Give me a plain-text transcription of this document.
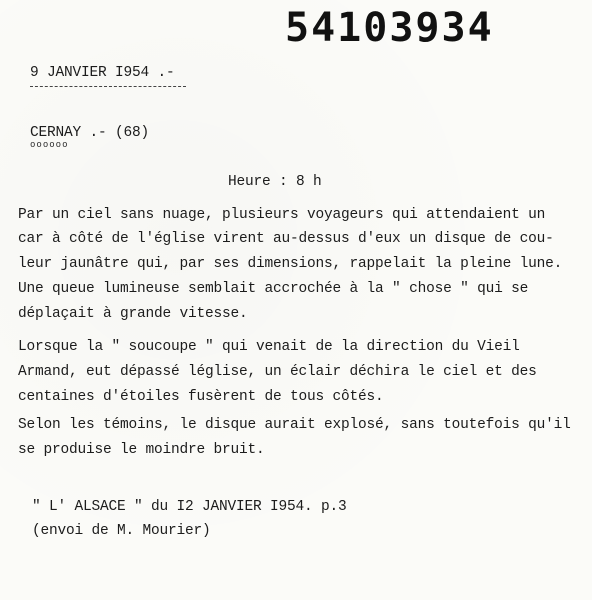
54103934
9 JANVIER I954 .-
CERNAY .- (68)
oooooo
Heure : 8 h
Par un ciel sans nuage, plusieurs voyageurs qui attendaient un
car à côté de l'église virent au-dessus d'eux un disque de cou-
leur jaunâtre qui, par ses dimensions, rappelait la pleine lune.
Une queue lumineuse semblait accrochée à la " chose " qui se
déplaçait à grande vitesse.
Lorsque la " soucoupe " qui venait de la direction du Vieil
Armand, eut dépassé léglise, un éclair déchira le ciel et des
centaines d'étoiles fusèrent de tous côtés.
Selon les témoins, le disque aurait explosé, sans toutefois qu'il
se produise le moindre bruit.
" L' ALSACE " du I2 JANVIER I954. p.3
(envoi de M. Mourier)
